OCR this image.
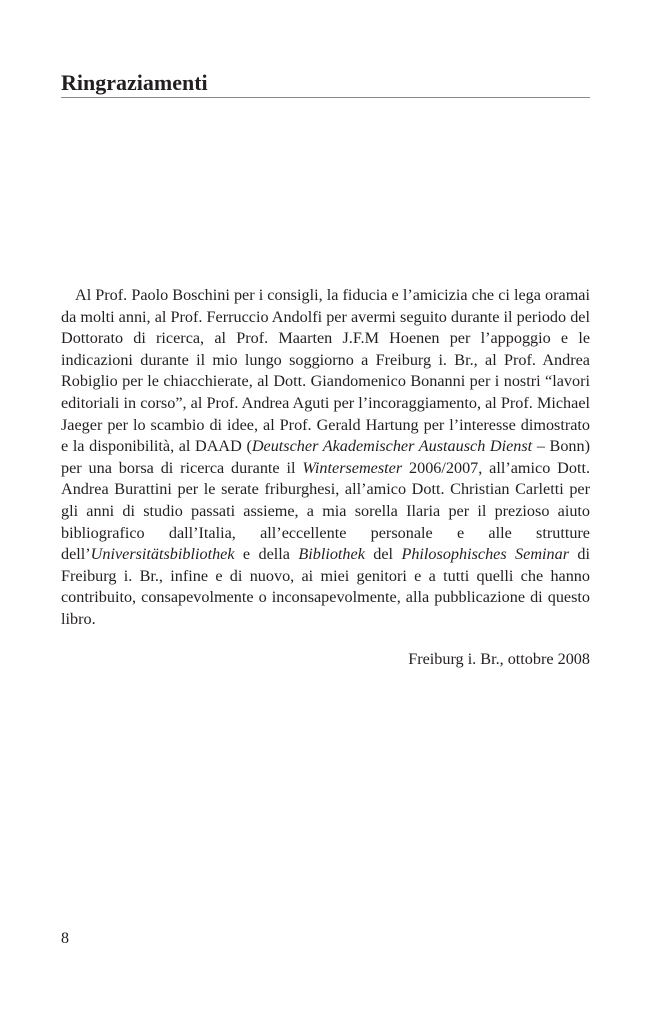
Ringraziamenti

Al Prof. Paolo Boschini per i consigli, la fiducia e l’amicizia che ci lega oramai da molti anni, al Prof. Ferruccio Andolfi per avermi seguito durante il periodo del Dottorato di ricerca, al Prof. Maarten J.F.M Hoenen per l’appoggio e le indicazioni durante il mio lungo soggiorno a Freiburg i. Br., al Prof. Andrea Robiglio per le chiacchierate, al Dott. Giandomenico Bonanni per i nostri “lavori editoriali in corso”, al Prof. Andrea Aguti per l’incoraggiamento, al Prof. Michael Jaeger per lo scambio di idee, al Prof. Gerald Hartung per l’interesse dimostrato e la disponibilità, al DAAD (Deutscher Akademischer Austausch Dienst – Bonn) per una borsa di ricerca durante il Wintersemester 2006/2007, all’amico Dott. Andrea Burattini per le serate friburghesi, all’amico Dott. Christian Carletti per gli anni di studio passati assieme, a mia sorella Ilaria per il prezioso aiuto bibliografico dall’Italia, all’eccellente personale e alle strutture dell’Universitätsbibliothek e della Bibliothek del Philosophisches Seminar di Freiburg i. Br., infine e di nuovo, ai miei genitori e a tutti quelli che hanno contribuito, consapevolmente o inconsapevolmente, alla pubblicazione di questo libro.

Freiburg i. Br., ottobre 2008
8
